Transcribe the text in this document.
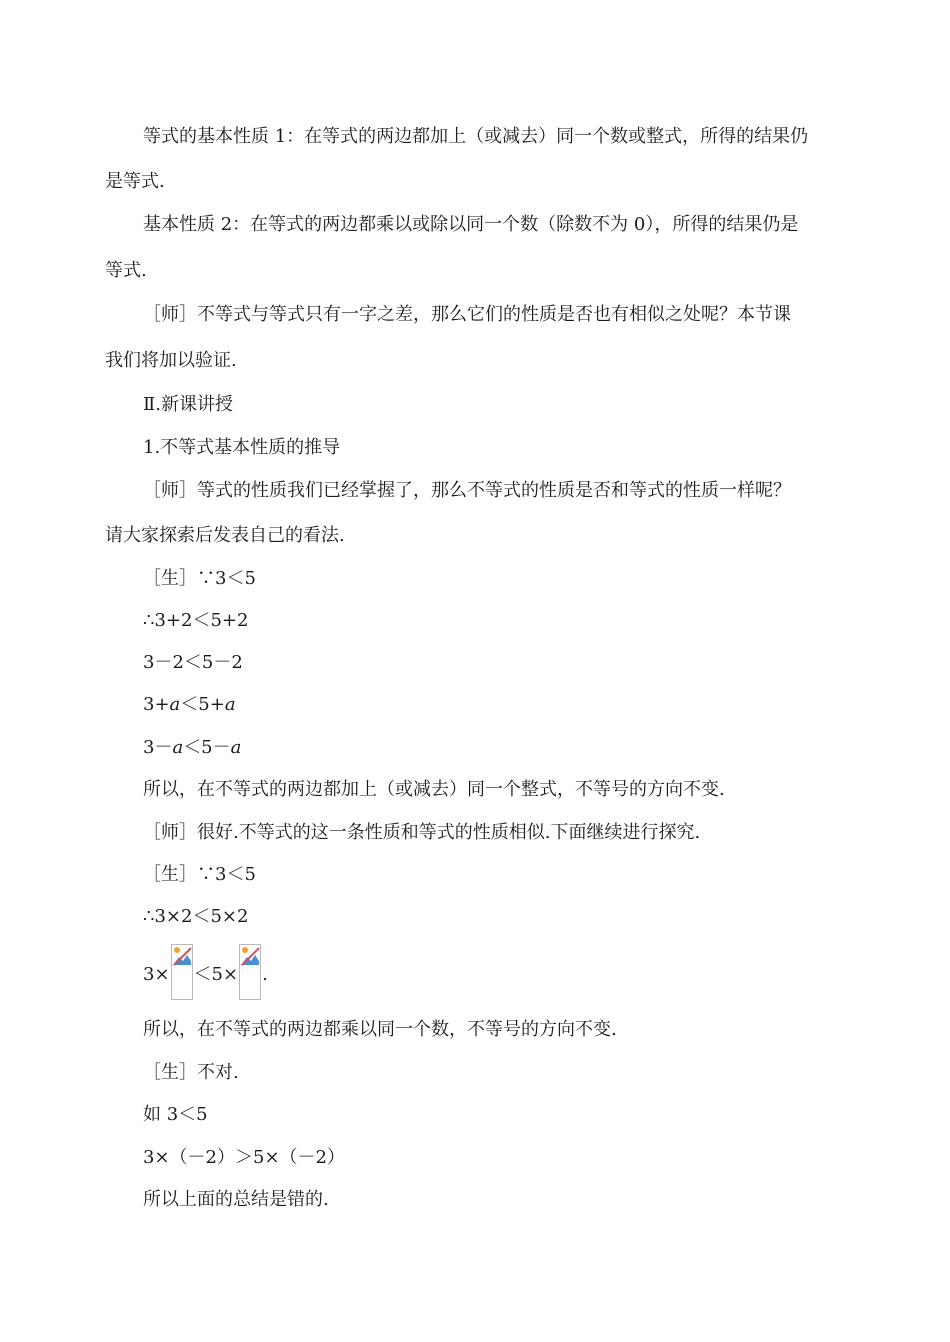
等式的基本性质 1：在等式的两边都加上（或减去）同一个数或整式，所得的结果仍
是等式.
基本性质 2：在等式的两边都乘以或除以同一个数（除数不为 0），所得的结果仍是
等式.
［师］不等式与等式只有一字之差，那么它们的性质是否也有相似之处呢？本节课
我们将加以验证.
Ⅱ.新课讲授
1.不等式基本性质的推导
［师］等式的性质我们已经掌握了，那么不等式的性质是否和等式的性质一样呢？
请大家探索后发表自己的看法.
［生］∵3＜5
∴3+2＜5+2
3－2＜5－2
3+a＜5+a
3－a＜5－a
所以，在不等式的两边都加上（或减去）同一个整式，不等号的方向不变.
［师］很好.不等式的这一条性质和等式的性质相似.下面继续进行探究.
［生］∵3＜5
∴3×2＜5×2
3× ＜5× .
所以，在不等式的两边都乘以同一个数，不等号的方向不变.
［生］不对.
如 3＜5
3×（－2）＞5×（－2）
所以上面的总结是错的.
